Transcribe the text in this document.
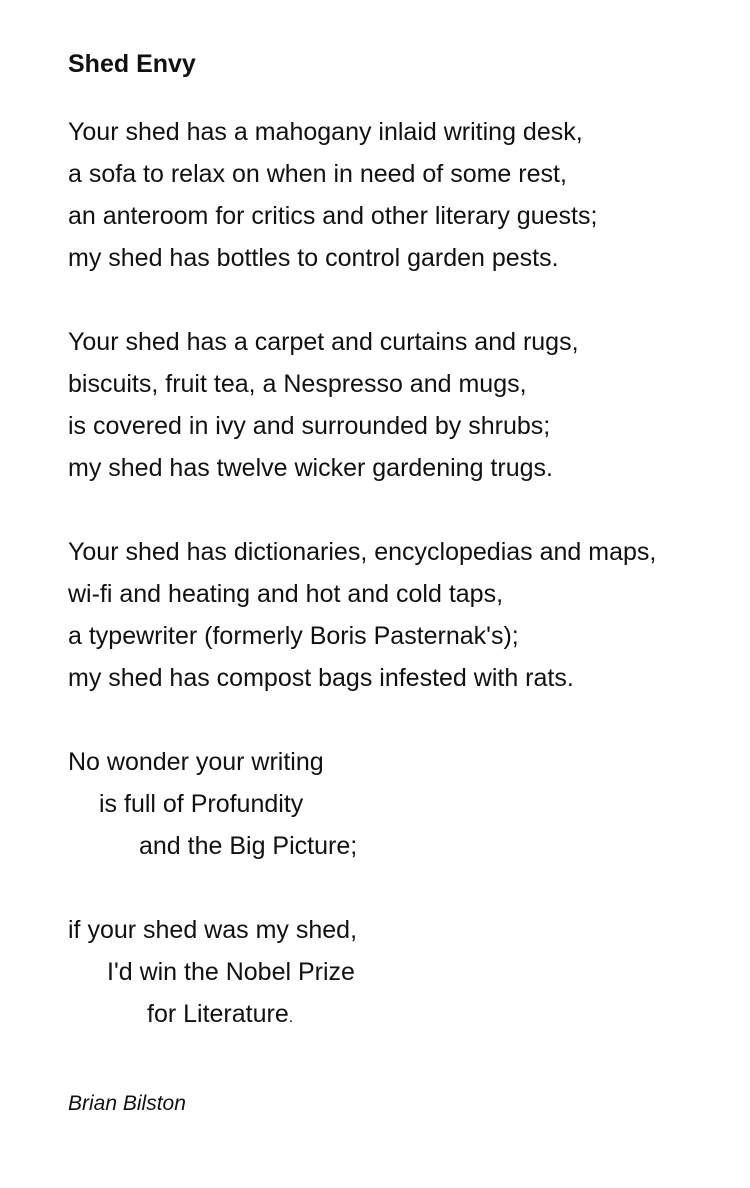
Shed Envy
Your shed has a mahogany inlaid writing desk,
a sofa to relax on when in need of some rest,
an anteroom for critics and other literary guests;
my shed has bottles to control garden pests.
Your shed has a carpet and curtains and rugs,
biscuits, fruit tea, a Nespresso and mugs,
is covered in ivy and surrounded by shrubs;
my shed has twelve wicker gardening trugs.
Your shed has dictionaries, encyclopedias and maps,
wi-fi and heating and hot and cold taps,
a typewriter (formerly Boris Pasternak's);
my shed has compost bags infested with rats.
No wonder your writing
is full of Profundity
and the Big Picture;
if your shed was my shed,
I'd win the Nobel Prize
for Literature.

Brian Bilston
